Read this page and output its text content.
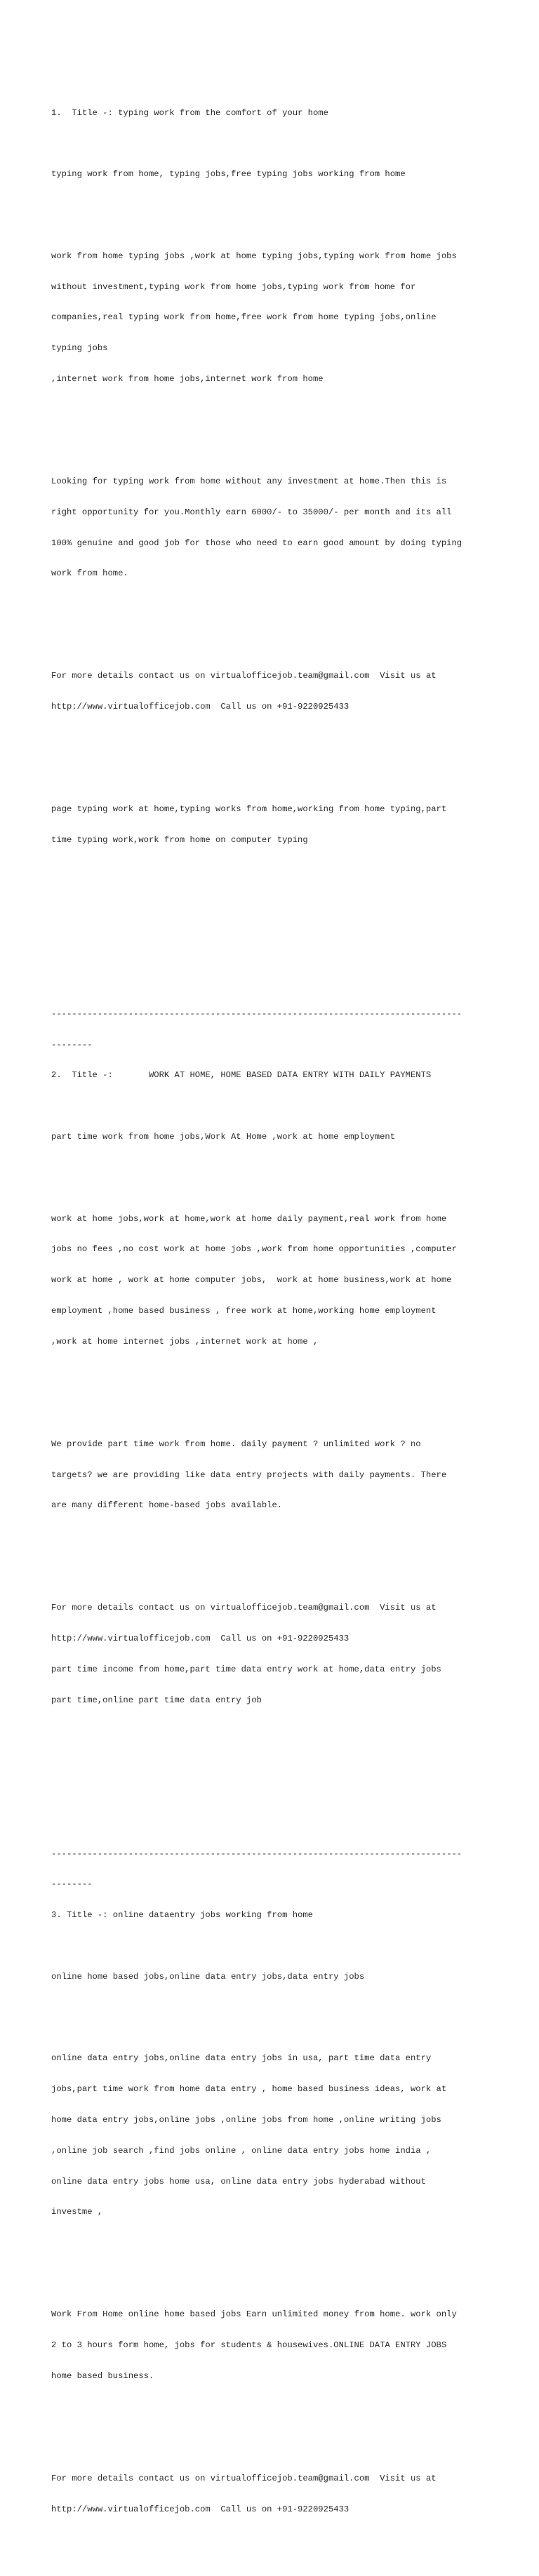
1.  Title -: typing work from the comfort of your home

typing work from home, typing jobs,free typing jobs working from home

work from home typing jobs ,work at home typing jobs,typing work from home jobs

without investment,typing work from home jobs,typing work from home for

companies,real typing work from home,free work from home typing jobs,online

typing jobs

,internet work from home jobs,internet work from home

Looking for typing work from home without any investment at home.Then this is

right opportunity for you.Monthly earn 6000/- to 35000/- per month and its all

100% genuine and good job for those who need to earn good amount by doing typing

work from home.

For more details contact us on virtualofficejob.team@gmail.com  Visit us at

http://www.virtualofficejob.com  Call us on +91-9220925433

page typing work at home,typing works from home,working from home typing,part

time typing work,work from home on computer typing

--------------------------------------------------------------------------------

--------

2.  Title -:       WORK AT HOME, HOME BASED DATA ENTRY WITH DAILY PAYMENTS

part time work from home jobs,Work At Home ,work at home employment

work at home jobs,work at home,work at home daily payment,real work from home

jobs no fees ,no cost work at home jobs ,work from home opportunities ,computer

work at home , work at home computer jobs,  work at home business,work at home

employment ,home based business , free work at home,working home employment

,work at home internet jobs ,internet work at home ,

We provide part time work from home. daily payment ? unlimited work ? no

targets? we are providing like data entry projects with daily payments. There

are many different home-based jobs available.

For more details contact us on virtualofficejob.team@gmail.com  Visit us at

http://www.virtualofficejob.com  Call us on +91-9220925433

part time income from home,part time data entry work at home,data entry jobs

part time,online part time data entry job

--------------------------------------------------------------------------------

--------

3. Title -: online dataentry jobs working from home

online home based jobs,online data entry jobs,data entry jobs

online data entry jobs,online data entry jobs in usa, part time data entry

jobs,part time work from home data entry , home based business ideas, work at

home data entry jobs,online jobs ,online jobs from home ,online writing jobs

,online job search ,find jobs online , online data entry jobs home india ,

online data entry jobs home usa, online data entry jobs hyderabad without

investme ,

Work From Home online home based jobs Earn unlimited money from home. work only

2 to 3 hours form home, jobs for students & housewives.ONLINE DATA ENTRY JOBS

home based business.

For more details contact us on virtualofficejob.team@gmail.com  Visit us at

http://www.virtualofficejob.com  Call us on +91-9220925433
